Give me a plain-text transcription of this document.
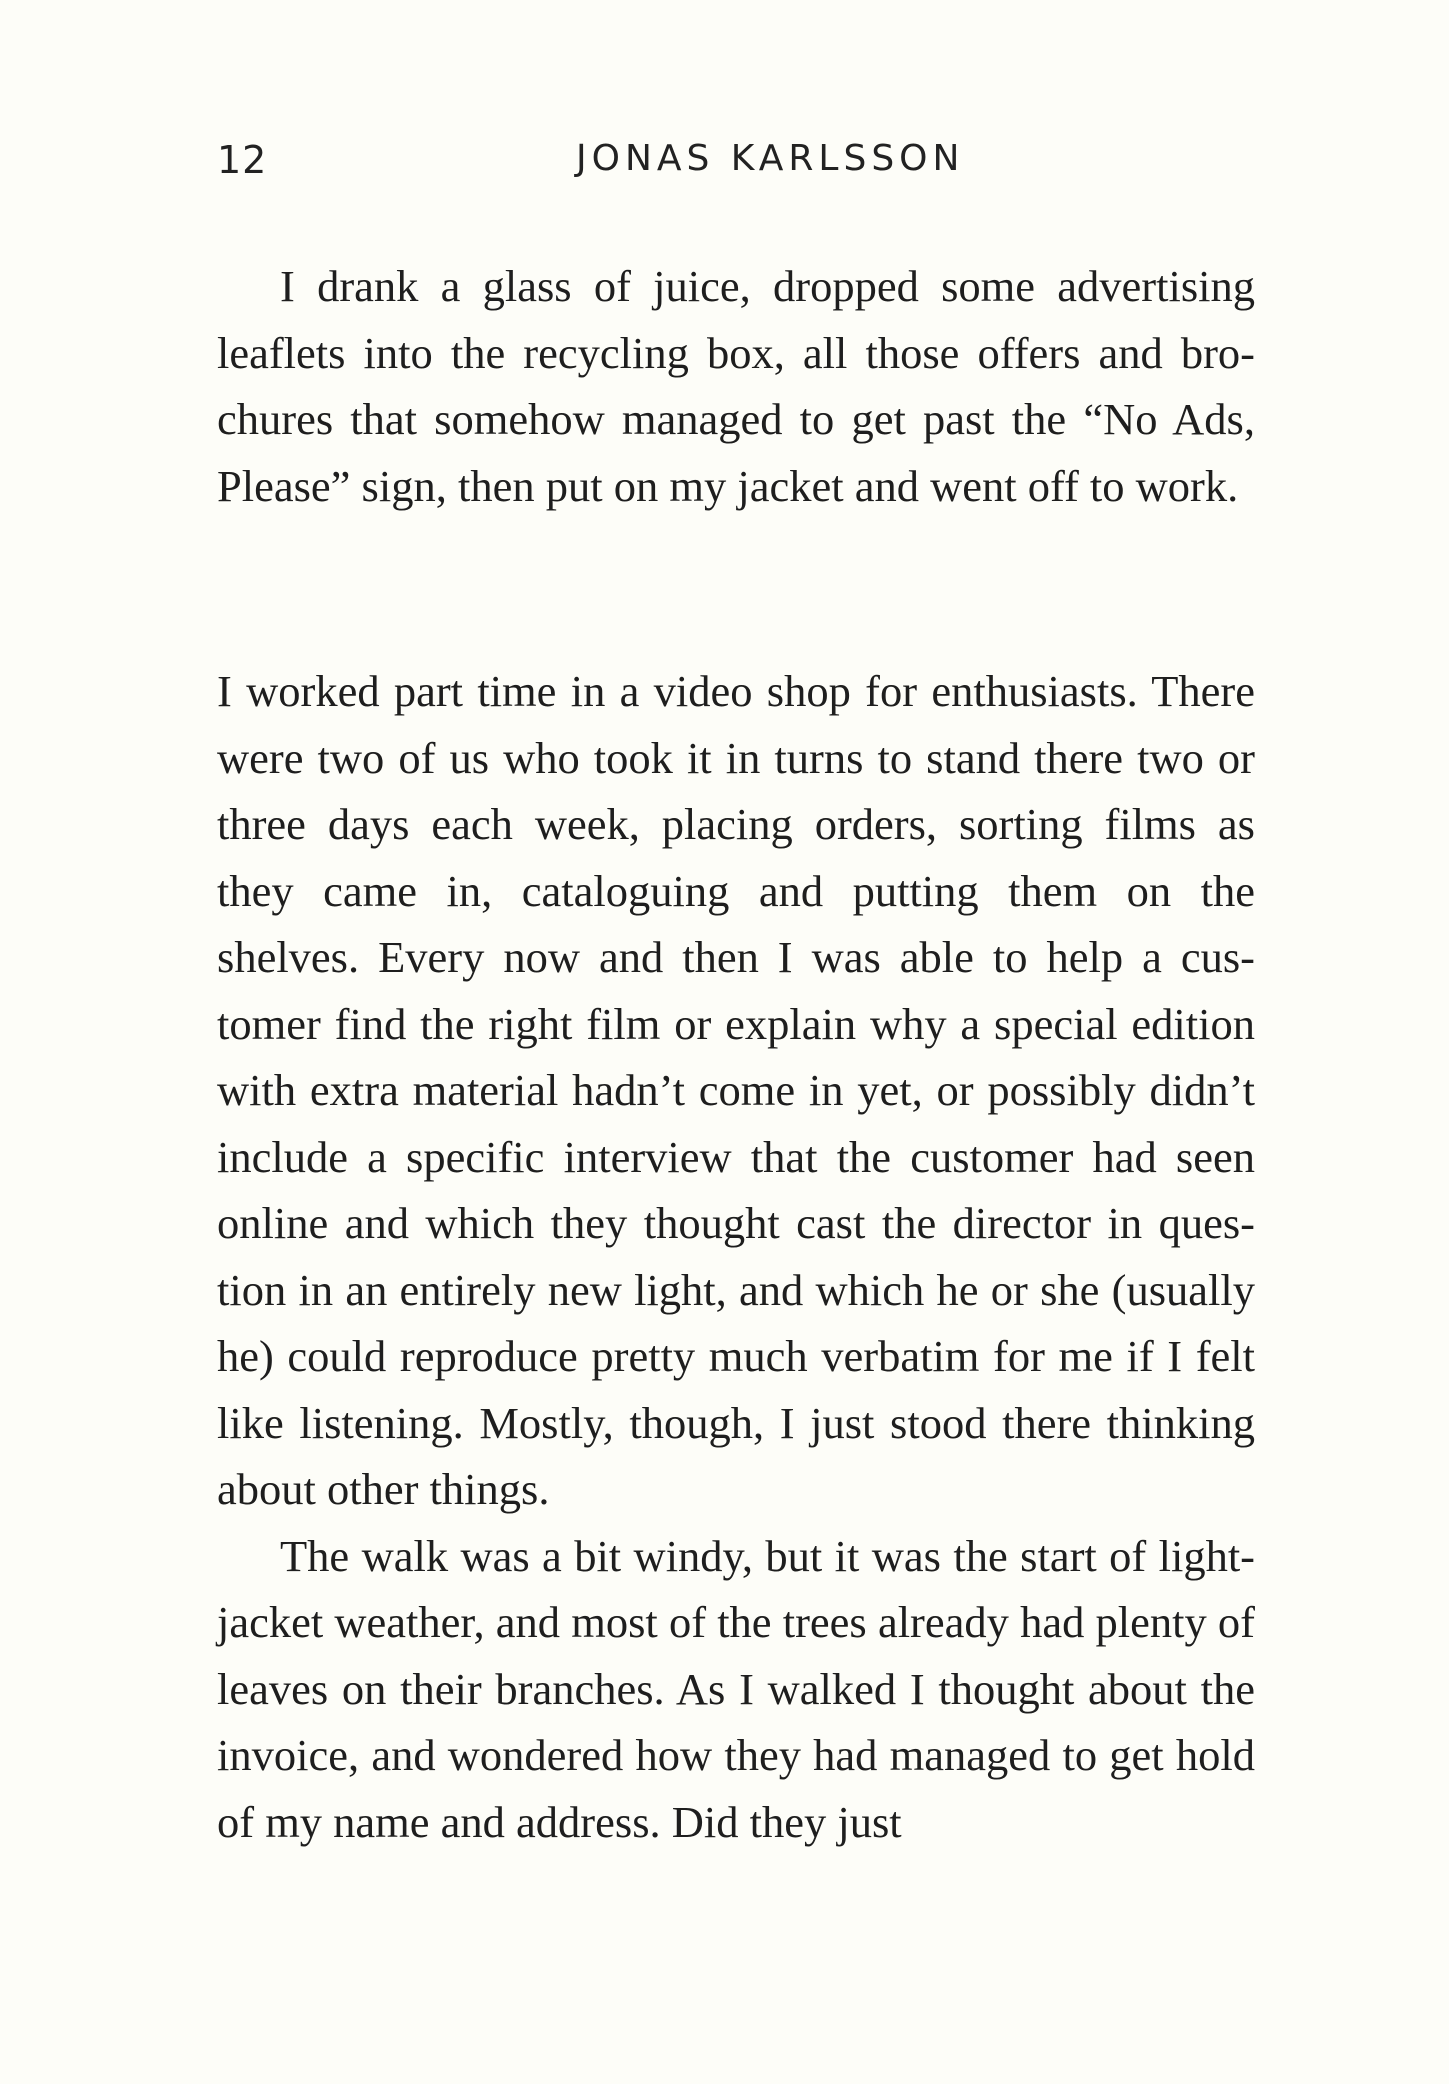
12	JONAS KARLSSON

I drank a glass of juice, dropped some advertising leaflets into the recycling box, all those offers and brochures that somehow managed to get past the “No Ads, Please” sign, then put on my jacket and went off to work.

I worked part time in a video shop for enthusiasts. There were two of us who took it in turns to stand there two or three days each week, placing orders, sorting films as they came in, cataloguing and putting them on the shelves. Every now and then I was able to help a customer find the right film or explain why a special edition with extra material hadn’t come in yet, or possibly didn’t include a specific interview that the customer had seen online and which they thought cast the director in question in an entirely new light, and which he or she (usually he) could reproduce pretty much verbatim for me if I felt like listening. Mostly, though, I just stood there thinking about other things.

The walk was a bit windy, but it was the start of light-jacket weather, and most of the trees already had plenty of leaves on their branches. As I walked I thought about the invoice, and wondered how they had managed to get hold of my name and address. Did they just
